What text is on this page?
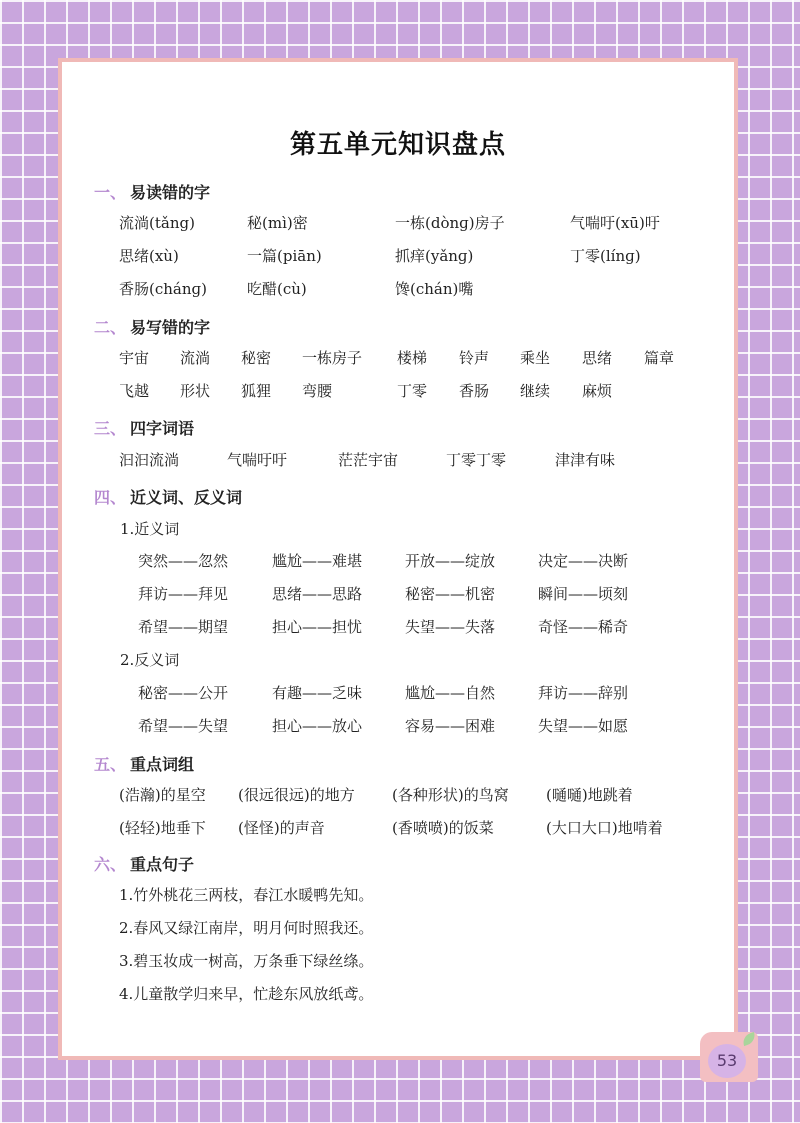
第五单元知识盘点
一、 易读错的字
流淌(tǎng)	秘(mì)密	一栋(dònɡ)房子	气喘吁(xū)吁
思绪(xù)	一篇(piān)	抓痒(yǎnɡ)	丁零(línɡ)
香肠(chánɡ)	吃醋(cù)	馋(chán)嘴
二、 易写错的字
宇宙 流淌 秘密 一栋房子 楼梯 铃声 乘坐 思绪 篇章
飞越 形状 狐狸 弯腰	丁零 香肠 继续 麻烦
三、 四字词语
汩汩流淌	气喘吁吁	茫茫宇宙	丁零丁零	津津有味
四、 近义词、反义词
1.近义词
突然——忽然	尴尬——难堪	开放——绽放	决定——决断
拜访——拜见	思绪——思路	秘密——机密	瞬间——顷刻
希望——期望	担心——担忧	失望——失落	奇怪——稀奇
2.反义词
秘密——公开	有趣——乏味	尴尬——自然	拜访——辞别
希望——失望	担心——放心	容易——困难	失望——如愿
五、 重点词组
(浩瀚)的星空 (很远很远)的地方 (各种形状)的鸟窝 (嗵嗵)地跳着
(轻轻)地垂下 (怪怪)的声音	(香喷喷)的饭菜	(大口大口)地啃着
六、 重点句子
1.竹外桃花三两枝，春江水暖鸭先知。
2.春风又绿江南岸，明月何时照我还。
3.碧玉妆成一树高，万条垂下绿丝绦。
4.儿童散学归来早，忙趁东风放纸鸢。
53
